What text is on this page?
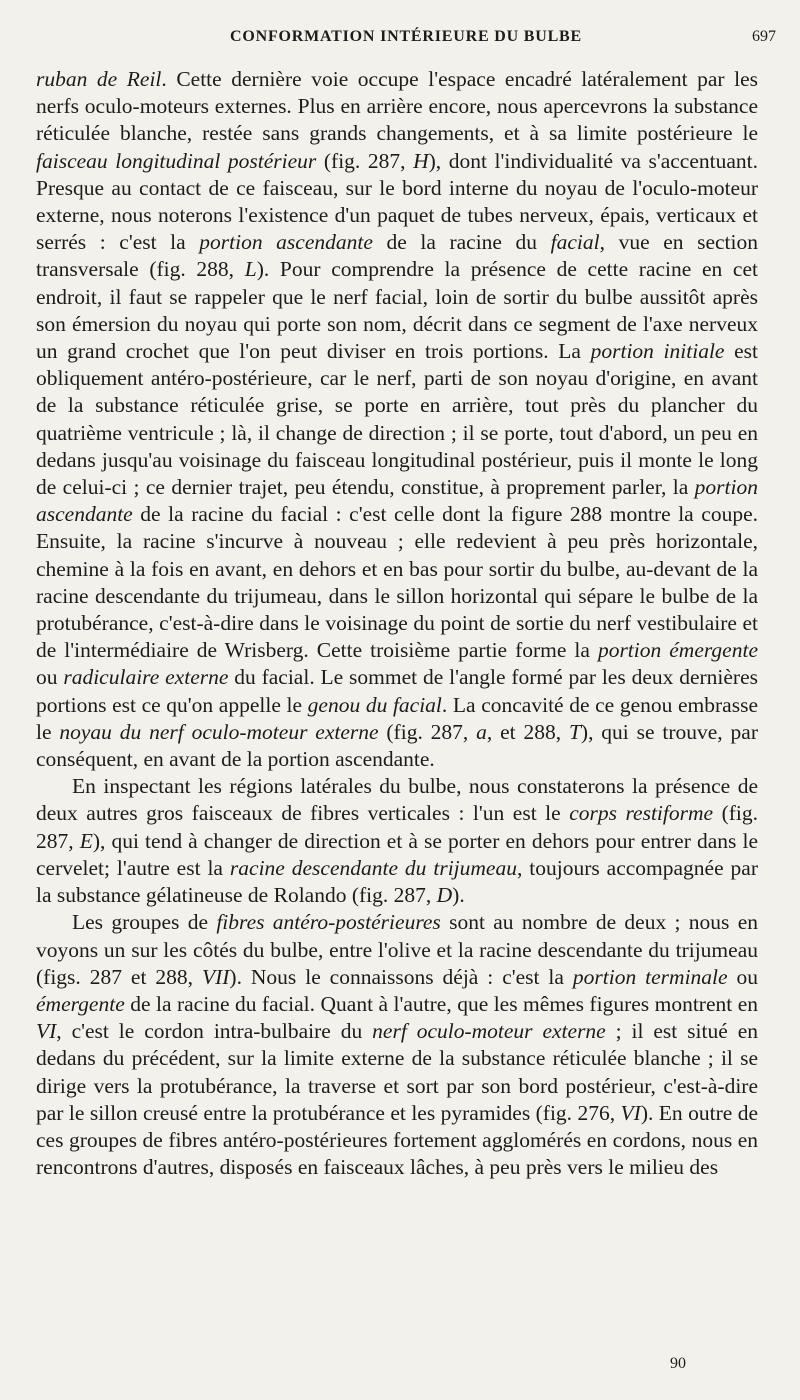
CONFORMATION INTÉRIEURE DU BULBE	697

ruban de Reil. Cette dernière voie occupe l'espace encadré latéralement par les nerfs oculo-moteurs externes. Plus en arrière encore, nous apercevrons la substance réticulée blanche, restée sans grands changements, et à sa limite postérieure le faisceau longitudinal postérieur (fig. 287, H), dont l'individualité va s'accentuant. Presque au contact de ce faisceau, sur le bord interne du noyau de l'oculo-moteur externe, nous noterons l'existence d'un paquet de tubes nerveux, épais, verticaux et serrés : c'est la portion ascendante de la racine du facial, vue en section transversale (fig. 288, L). Pour comprendre la présence de cette racine en cet endroit, il faut se rappeler que le nerf facial, loin de sortir du bulbe aussitôt après son émersion du noyau qui porte son nom, décrit dans ce segment de l'axe nerveux un grand crochet que l'on peut diviser en trois portions. La portion initiale est obliquement antéro-postérieure, car le nerf, parti de son noyau d'origine, en avant de la substance réticulée grise, se porte en arrière, tout près du plancher du quatrième ventricule ; là, il change de direction ; il se porte, tout d'abord, un peu en dedans jusqu'au voisinage du faisceau longitudinal postérieur, puis il monte le long de celui-ci ; ce dernier trajet, peu étendu, constitue, à proprement parler, la portion ascendante de la racine du facial : c'est celle dont la figure 288 montre la coupe. Ensuite, la racine s'incurve à nouveau ; elle redevient à peu près horizontale, chemine à la fois en avant, en dehors et en bas pour sortir du bulbe, au-devant de la racine descendante du trijumeau, dans le sillon horizontal qui sépare le bulbe de la protubérance, c'est-à-dire dans le voisinage du point de sortie du nerf vestibulaire et de l'intermédiaire de Wrisberg. Cette troisième partie forme la portion émergente ou radiculaire externe du facial. Le sommet de l'angle formé par les deux dernières portions est ce qu'on appelle le genou du facial. La concavité de ce genou embrasse le noyau du nerf oculo-moteur externe (fig. 287, a, et 288, T), qui se trouve, par conséquent, en avant de la portion ascendante.

En inspectant les régions latérales du bulbe, nous constaterons la présence de deux autres gros faisceaux de fibres verticales : l'un est le corps restiforme (fig. 287, E), qui tend à changer de direction et à se porter en dehors pour entrer dans le cervelet; l'autre est la racine descendante du trijumeau, toujours accompagnée par la substance gélatineuse de Rolando (fig. 287, D).

Les groupes de fibres antéro-postérieures sont au nombre de deux ; nous en voyons un sur les côtés du bulbe, entre l'olive et la racine descendante du trijumeau (figs. 287 et 288, VII). Nous le connaissons déjà : c'est la portion terminale ou émergente de la racine du facial. Quant à l'autre, que les mêmes figures montrent en VI, c'est le cordon intra-bulbaire du nerf oculo-moteur externe ; il est situé en dedans du précédent, sur la limite externe de la substance réticulée blanche ; il se dirige vers la protubérance, la traverse et sort par son bord postérieur, c'est-à-dire par le sillon creusé entre la protubérance et les pyramides (fig. 276, VI). En outre de ces groupes de fibres antéro-postérieures fortement agglomérés en cordons, nous en rencontrons d'autres, disposés en faisceaux lâches, à peu près vers le milieu des

90
